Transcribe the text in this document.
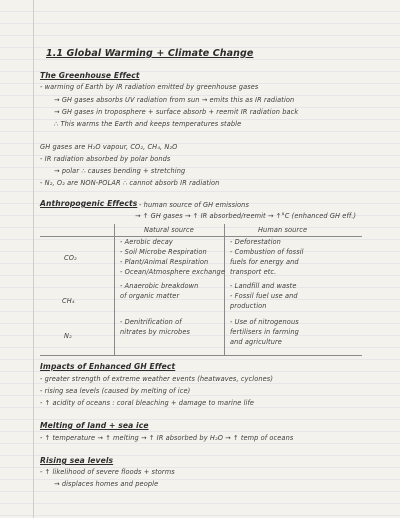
1.1 Global Warming + Climate Change
The Greenhouse Effect
- warming of Earth by IR radiation emitted by greenhouse gases
→ GH gases absorbs UV radiation from sun → emits this as IR radiation
→ GH gases in troposphere + surface absorb + reemit IR radiation back
∴ This warms the Earth and keeps temperatures stable
GH gases are H₂O vapour, CO₂, CH₄, N₂O
- IR radiation absorbed by polar bonds
→ polar ∴ causes bending + stretching
- N₂, O₂ are NON-POLAR ∴ cannot absorb IR radiation
Anthropogenic Effects - human source of GH emissions
→ ↑ GH gases → ↑ IR absorbed/reemit → ↑°C (enhanced GH eff.)
Natural source	Human source
CO₂
- Aerobic decay
- Soil Microbe Respiration
- Plant/Animal Respiration
- Ocean/Atmosphere exchange
- Deforestation
- Combustion of fossil
fuels for energy and
transport etc.
CH₄
- Anaerobic breakdown
of organic matter
- Landfill and waste
- Fossil fuel use and
production
N₂
- Denitrification of
nitrates by microbes
- Use of nitrogenous
fertilisers in farming
and agriculture
Impacts of Enhanced GH Effect
- greater strength of extreme weather events (heatwaves, cyclones)
- rising sea levels (caused by melting of ice)
- ↑ acidity of oceans : coral bleaching + damage to marine life
Melting of land + sea ice
- ↑ temperature → ↑ melting → ↑ IR absorbed by H₂O → ↑ temp of oceans
Rising sea levels
- ↑ likelihood of severe floods + storms
→ displaces homes and people
